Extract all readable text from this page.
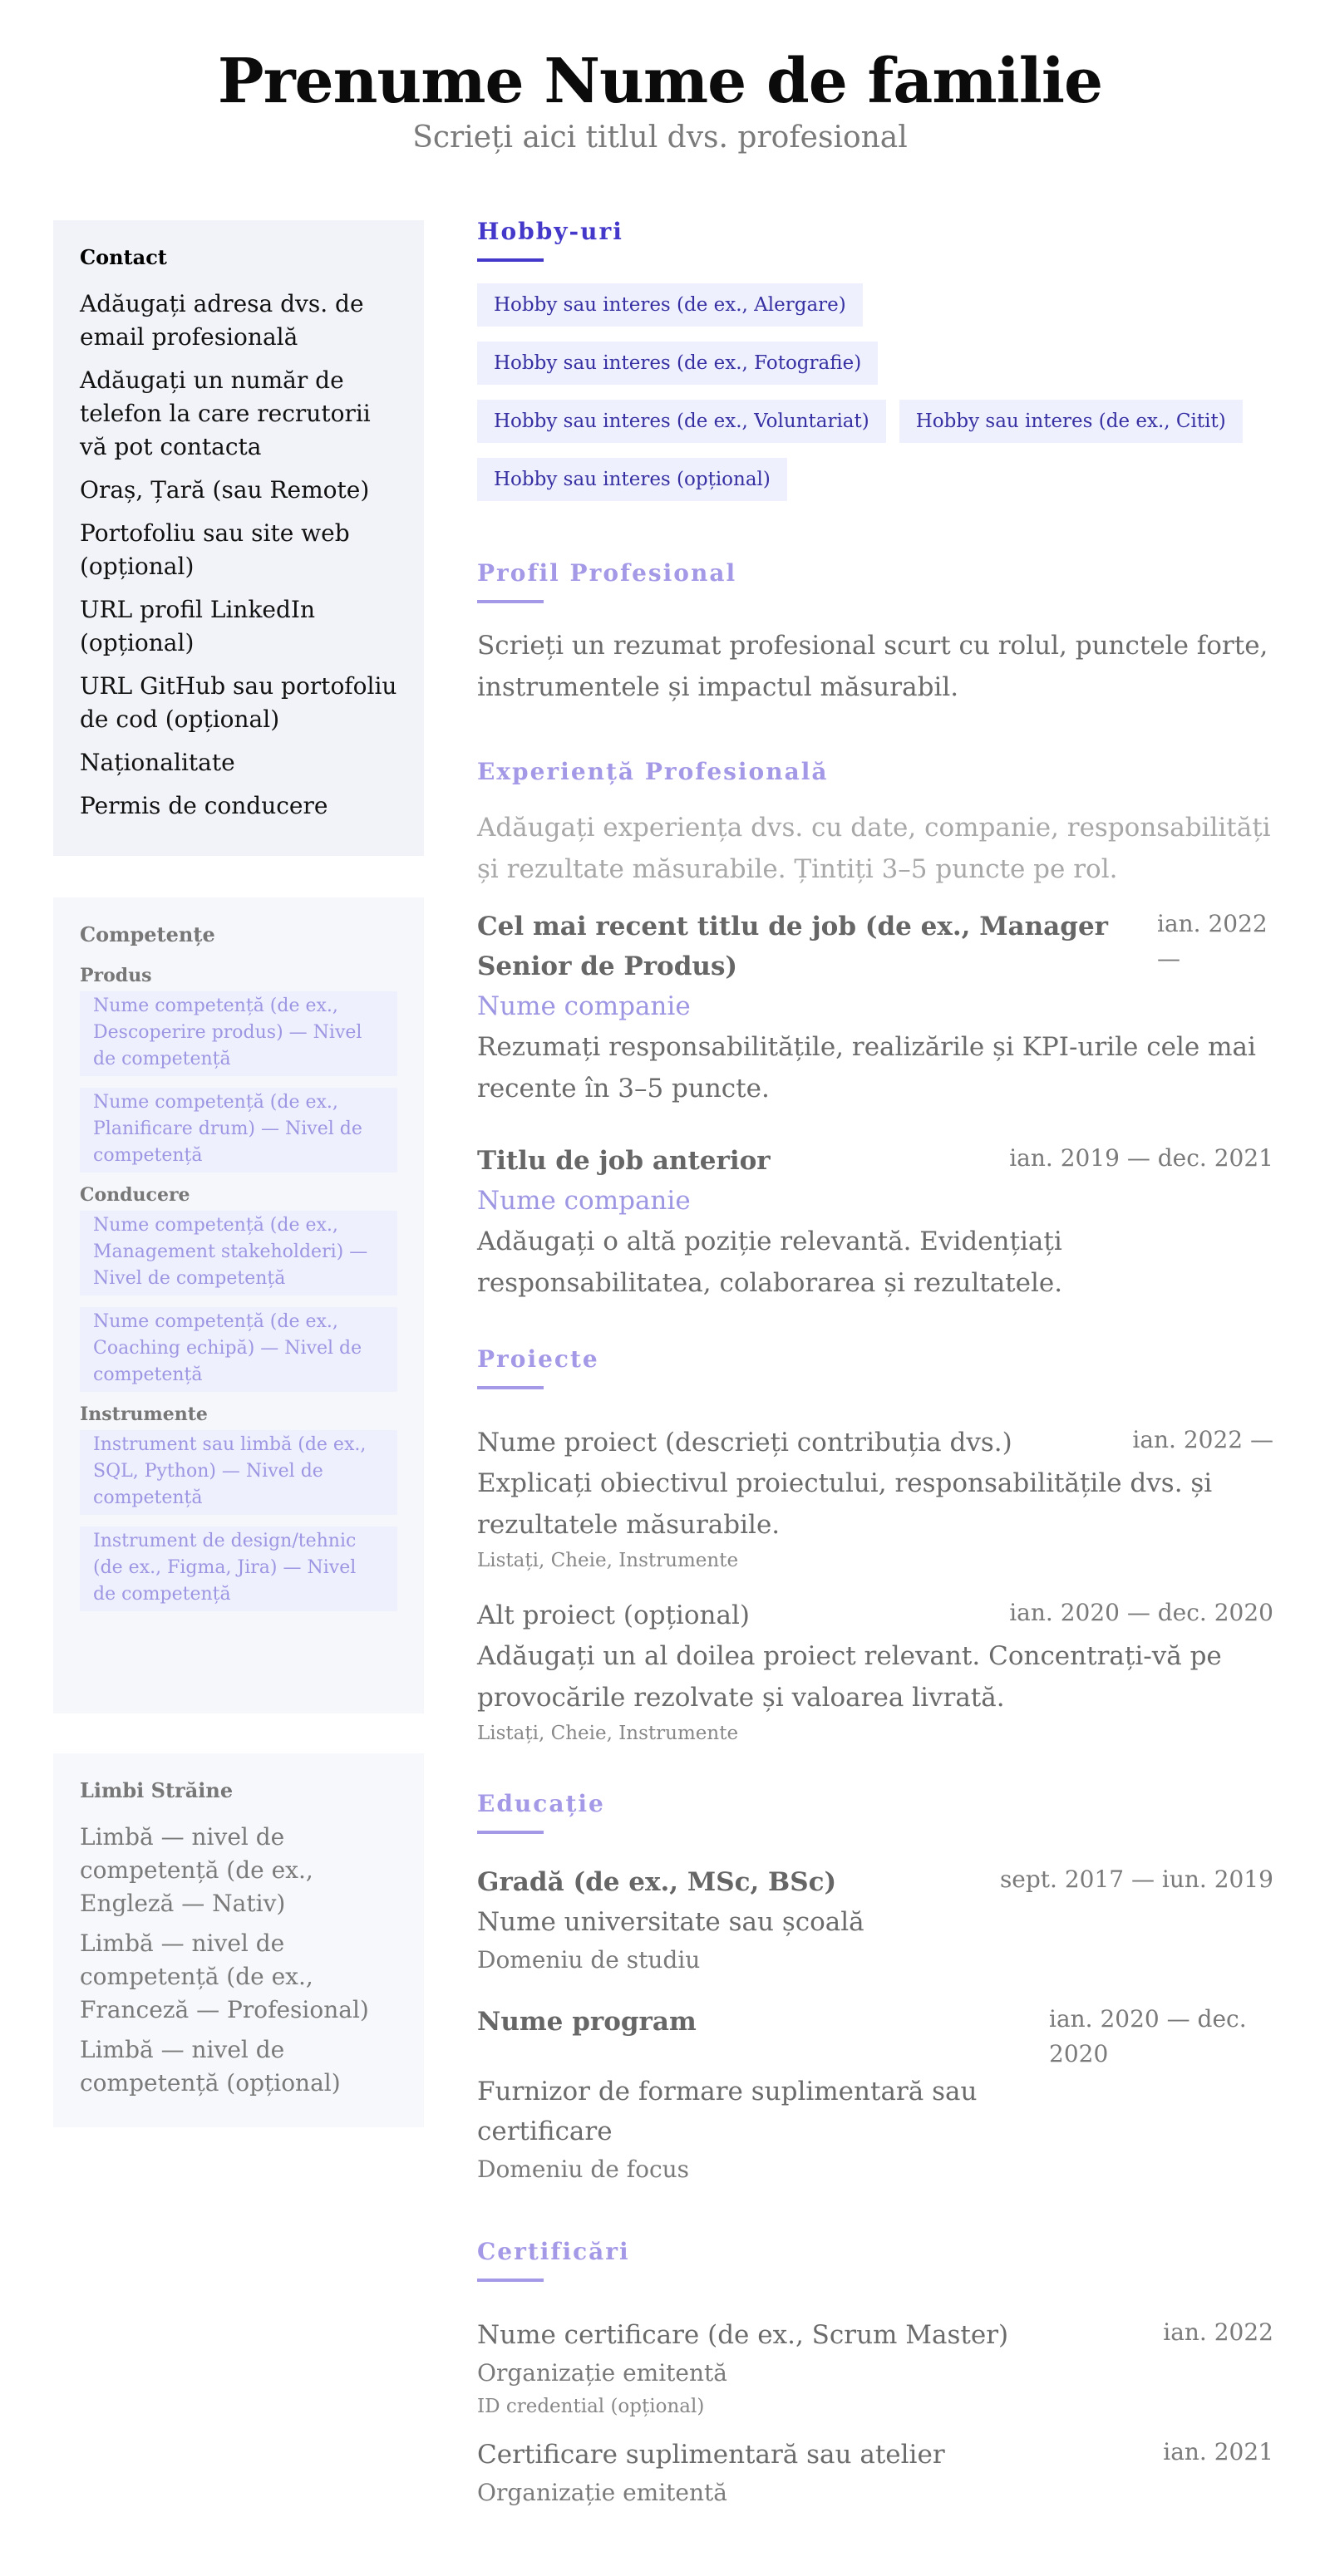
Prenume Nume de familie
Scrieți aici titlul dvs. profesional
Contact
Adăugați adresa dvs. de email profesională
Adăugați un număr de telefon la care recrutorii vă pot contacta
Oraș, Țară (sau Remote)
Portofoliu sau site web (opțional)
URL profil LinkedIn (opțional)
URL GitHub sau portofoliu de cod (opțional)
Naționalitate
Permis de conducere
Competențe
Produs
Nume competență (de ex., Descoperire produs) — Nivel de competență
Nume competență (de ex., Planificare drum) — Nivel de competență
Conducere
Nume competență (de ex., Management stakeholderi) — Nivel de competență
Nume competență (de ex., Coaching echipă) — Nivel de competență
Instrumente
Instrument sau limbă (de ex., SQL, Python) — Nivel de competență
Instrument de design/tehnic (de ex., Figma, Jira) — Nivel de competență
Limbi Străine
Limbă — nivel de competență (de ex., Engleză — Nativ)
Limbă — nivel de competență (de ex., Franceză — Profesional)
Limbă — nivel de competență (opțional)
Hobby-uri
Hobby sau interes (de ex., Alergare)
Hobby sau interes (de ex., Fotografie)
Hobby sau interes (de ex., Voluntariat)	Hobby sau interes (de ex., Citit)
Hobby sau interes (opțional)
Profil Profesional

Scrieți un rezumat profesional scurt cu rolul, punctele forte, instrumentele și impactul măsurabil.

Experiență Profesională

Adăugați experiența dvs. cu date, companie, responsabilități și rezultate măsurabile. Țintiți 3–5 puncte pe rol.

Cel mai recent titlu de job (de ex., Manager Senior de Produs)
ian. 2022 —
Nume companie

Rezumați responsabilitățile, realizările și KPI-urile cele mai recente în 3–5 puncte.

Titlu de job anterior	ian. 2019 — dec. 2021
Nume companie

Adăugați o altă poziție relevantă. Evidențiați responsabilitatea, colaborarea și rezultatele.

Proiecte
Nume proiect (descrieți contribuția dvs.)	ian. 2022 —

Explicați obiectivul proiectului, responsabilitățile dvs. și rezultatele măsurabile.

Listați, Cheie, Instrumente
Alt proiect (opțional)	ian. 2020 — dec. 2020

Adăugați un al doilea proiect relevant. Concentrați-vă pe provocările rezolvate și valoarea livrată.

Listați, Cheie, Instrumente
Educație
Gradă (de ex., MSc, BSc)	sept. 2017 — iun. 2019
Nume universitate sau școală
Domeniu de studiu
Nume program	ian. 2020 — dec. 2020
Furnizor de formare suplimentară sau certificare
Domeniu de focus
Certificări
Nume certificare (de ex., Scrum Master)	ian. 2022
Organizație emitentă
ID credential (opțional)
Certificare suplimentară sau atelier	ian. 2021
Organizație emitentă
